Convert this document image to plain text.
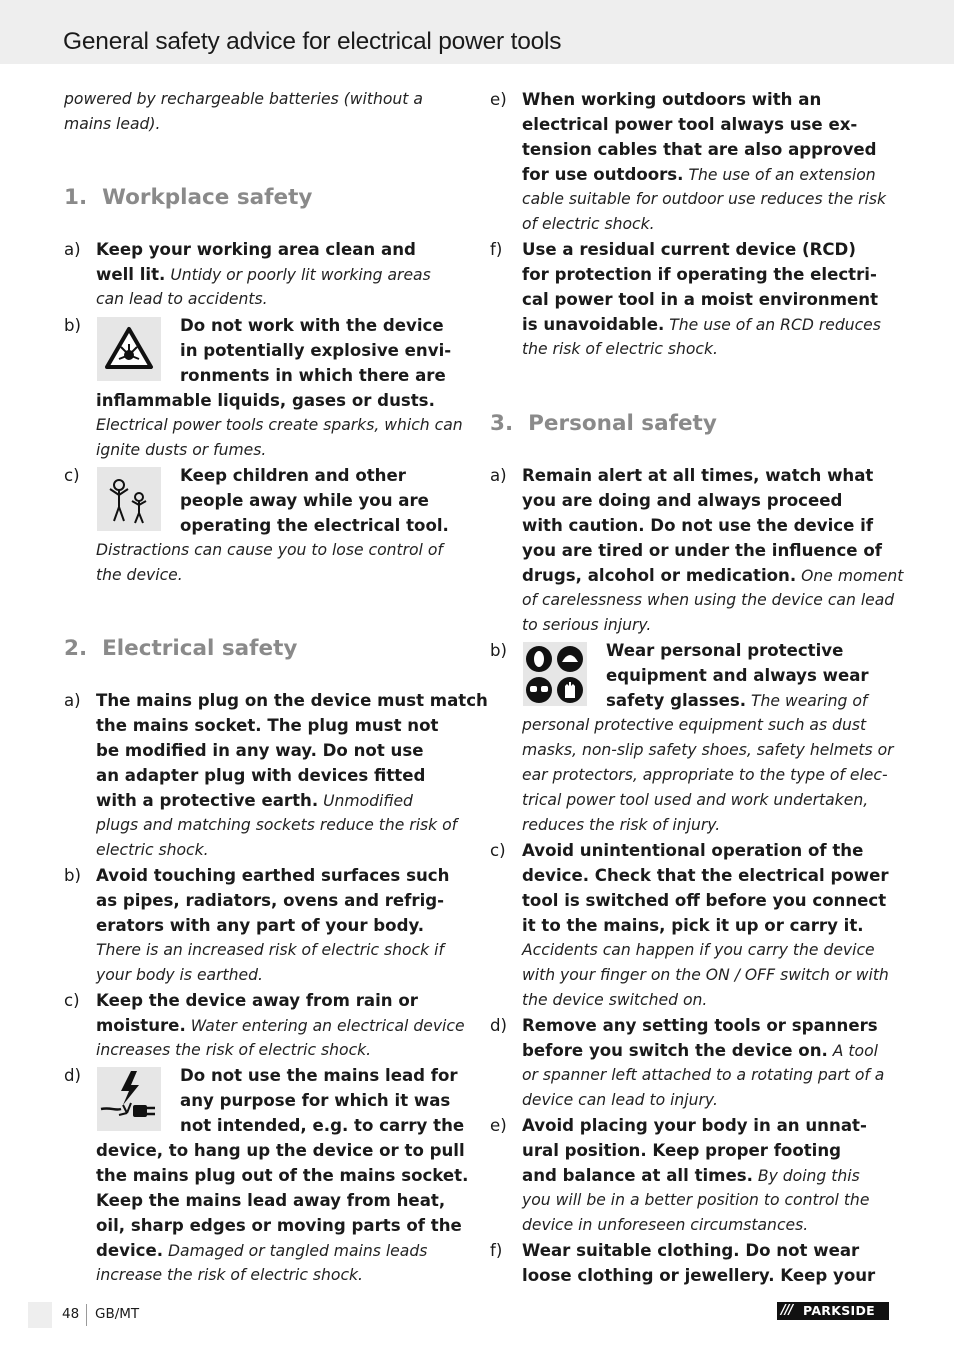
General safety advice for electrical power tools
powered by rechargeable batteries (without a
mains lead).
1. Workplace safety
a) Keep your working area clean and
well lit. Untidy or poorly lit working areas
can lead to accidents.
b)	Do not work with the device
in potentially explosive envi-
ronments in which there are
inflammable liquids, gases or dusts.
Electrical power tools create sparks, which can
ignite dusts or fumes.
c)	Keep children and other
people away while you are
operating the electrical tool.
Distractions can cause you to lose control of
the device.
2. Electrical safety
a) The mains plug on the device must match
the mains socket. The plug must not
be modified in any way. Do not use
an adapter plug with devices fitted
with a protective earth. Unmodified
plugs and matching sockets reduce the risk of
electric shock.
b) Avoid touching earthed surfaces such
as pipes, radiators, ovens and refrig-
erators with any part of your body.
There is an increased risk of electric shock if
your body is earthed.
c) Keep the device away from rain or
moisture. Water entering an electrical device
increases the risk of electric shock.
d)	Do not use the mains lead for
any purpose for which it was
not intended, e.g. to carry the
device, to hang up the device or to pull
the mains plug out of the mains socket.
Keep the mains lead away from heat,
oil, sharp edges or moving parts of the
device. Damaged or tangled mains leads
increase the risk of electric shock.
e) When working outdoors with an
electrical power tool always use ex-
tension cables that are also approved
for use outdoors. The use of an extension
cable suitable for outdoor use reduces the risk
of electric shock.
f) Use a residual current device (RCD)
for protection if operating the electri-
cal power tool in a moist environment
is unavoidable. The use of an RCD reduces
the risk of electric shock.
3. Personal safety
a) Remain alert at all times, watch what
you are doing and always proceed
with caution. Do not use the device if
you are tired or under the influence of
drugs, alcohol or medication. One moment
of carelessness when using the device can lead
to serious injury.
b)	Wear personal protective
equipment and always wear
safety glasses. The wearing of
personal protective equipment such as dust
masks, non-slip safety shoes, safety helmets or
ear protectors, appropriate to the type of elec-
trical power tool used and work undertaken,
reduces the risk of injury.
c) Avoid unintentional operation of the
device. Check that the electrical power
tool is switched off before you connect
it to the mains, pick it up or carry it.
Accidents can happen if you carry the device
with your finger on the ON / OFF switch or with
the device switched on.
d) Remove any setting tools or spanners
before you switch the device on. A tool
or spanner left attached to a rotating part of a
device can lead to injury.
e) Avoid placing your body in an unnat-
ural position. Keep proper footing
and balance at all times. By doing this
you will be in a better position to control the
device in unforeseen circumstances.
f) Wear suitable clothing. Do not wear
loose clothing or jewellery. Keep your
48 GB/MT	/// PARKSIDE
